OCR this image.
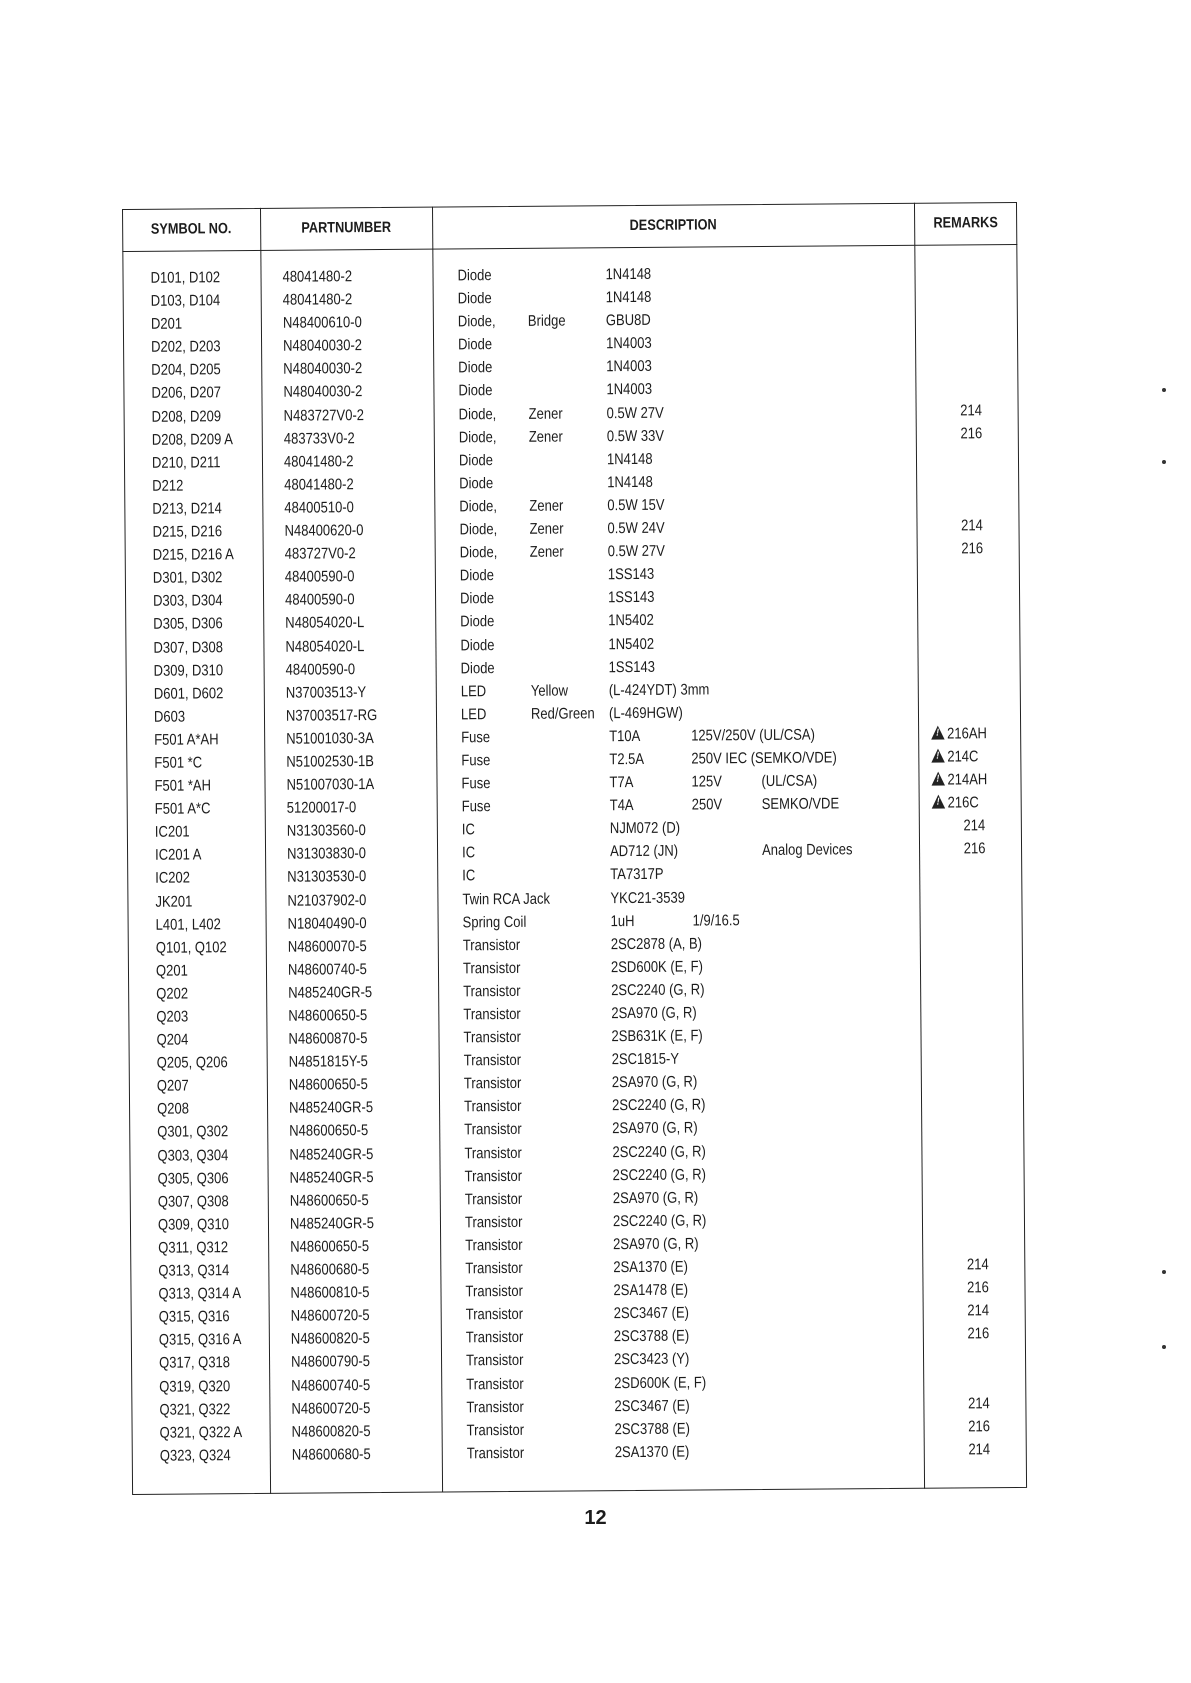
SYMBOL NO.	PARTNUMBER	DESCRIPTION	REMARKS
D101, D102	48041480-2	Diode	1N4148
D103, D104	48041480-2	Diode	1N4148
D201	N48400610-0	Diode, Bridge	GBU8D
D202, D203	N48040030-2	Diode	1N4003
D204, D205	N48040030-2	Diode	1N4003
D206, D207	N48040030-2	Diode	1N4003
D208, D209	N483727V0-2	Diode, Zener	0.5W 27V	214
D208, D209 A	483733V0-2	Diode, Zener	0.5W 33V	216
D210, D211	48041480-2	Diode	1N4148
D212	48041480-2	Diode	1N4148
D213, D214	48400510-0	Diode, Zener	0.5W 15V
D215, D216	N48400620-0	Diode, Zener	0.5W 24V	214
D215, D216 A	483727V0-2	Diode, Zener	0.5W 27V	216
D301, D302	48400590-0	Diode	1SS143
D303, D304	48400590-0	Diode	1SS143
D305, D306	N48054020-L	Diode	1N5402
D307, D308	N48054020-L	Diode	1N5402
D309, D310	48400590-0	Diode	1SS143
D601, D602	N37003513-Y	LED	Yellow	(L-424YDT) 3mm
D603	N37003517-RG	LED	Red/Green (L-469HGW)
F501 A*AH	N51001030-3A	Fuse	T10A	125V/250V (UL/CSA) !	216AH
F501 *C	N51002530-1B	Fuse	T2.5A	250V IEC (SEMKO/VDE) !	214C
F501 *AH	N51007030-1A	Fuse	T7A	125V	(UL/CSA) !	214AH
F501 A*C	51200017-0	Fuse	T4A	250V	SEMKO/VDE !	216C
IC201	N31303560-0	IC	NJM072 (D)	214
IC201 A	N31303830-0	IC	AD712 (JN)	Analog Devices	216
IC202	N31303530-0	IC	TA7317P
JK201	N21037902-0	Twin RCA Jack	YKC21-3539
L401, L402	N18040490-0	Spring Coil	1uH	1/9/16.5
Q101, Q102	N48600070-5	Transistor	2SC2878 (A, B)
Q201	N48600740-5	Transistor	2SD600K (E, F)
Q202	N485240GR-5	Transistor	2SC2240 (G, R)
Q203	N48600650-5	Transistor	2SA970 (G, R)
Q204	N48600870-5	Transistor	2SB631K (E, F)
Q205, Q206	N4851815Y-5	Transistor	2SC1815-Y
Q207	N48600650-5	Transistor	2SA970 (G, R)
Q208	N485240GR-5	Transistor	2SC2240 (G, R)
Q301, Q302	N48600650-5	Transistor	2SA970 (G, R)
Q303, Q304	N485240GR-5	Transistor	2SC2240 (G, R)
Q305, Q306	N485240GR-5	Transistor	2SC2240 (G, R)
Q307, Q308	N48600650-5	Transistor	2SA970 (G, R)
Q309, Q310	N485240GR-5	Transistor	2SC2240 (G, R)
Q311, Q312	N48600650-5	Transistor	2SA970 (G, R)
Q313, Q314	N48600680-5	Transistor	2SA1370 (E)	214
Q313, Q314 A	N48600810-5	Transistor	2SA1478 (E)	216
Q315, Q316	N48600720-5	Transistor	2SC3467 (E)	214
Q315, Q316 A	N48600820-5	Transistor	2SC3788 (E)	216
Q317, Q318	N48600790-5	Transistor	2SC3423 (Y)
Q319, Q320	N48600740-5	Transistor	2SD600K (E, F)
Q321, Q322	N48600720-5	Transistor	2SC3467 (E)	214
Q321, Q322 A	N48600820-5	Transistor	2SC3788 (E)	216
Q323, Q324	N48600680-5	Transistor	2SA1370 (E)	214
12
